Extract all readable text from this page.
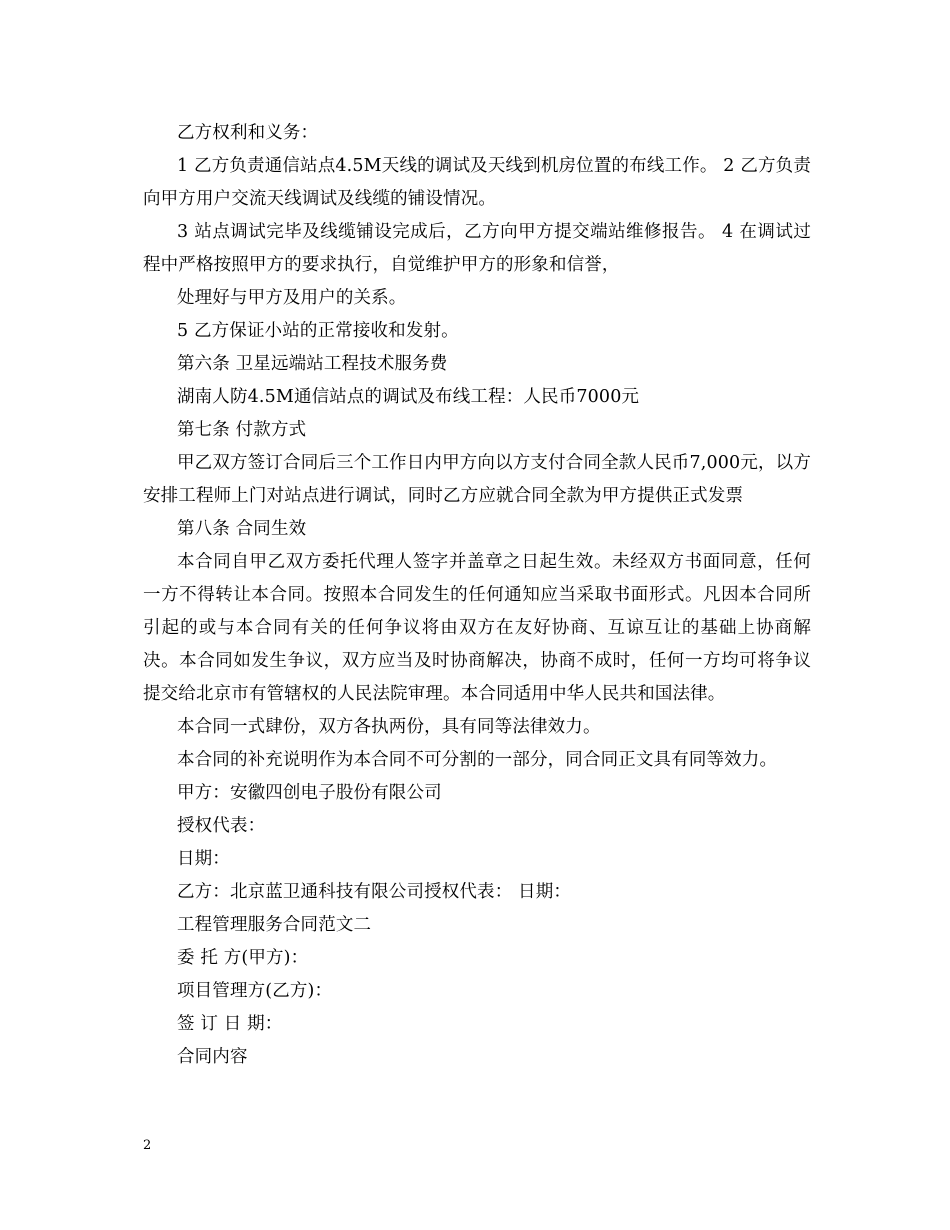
乙方权利和义务：

1 乙方负责通信站点4.5M天线的调试及天线到机房位置的布线工作。 2 乙方负责向甲方用户交流天线调试及线缆的铺设情况。

3 站点调试完毕及线缆铺设完成后，乙方向甲方提交端站维修报告。 4 在调试过程中严格按照甲方的要求执行，自觉维护甲方的形象和信誉，

处理好与甲方及用户的关系。

5 乙方保证小站的正常接收和发射。

第六条 卫星远端站工程技术服务费

湖南人防4.5M通信站点的调试及布线工程：人民币7000元

第七条 付款方式

甲乙双方签订合同后三个工作日内甲方向以方支付合同全款人民币7,000元，以方安排工程师上门对站点进行调试，同时乙方应就合同全款为甲方提供正式发票

第八条 合同生效

本合同自甲乙双方委托代理人签字并盖章之日起生效。未经双方书面同意，任何一方不得转让本合同。按照本合同发生的任何通知应当采取书面形式。凡因本合同所引起的或与本合同有关的任何争议将由双方在友好协商、互谅互让的基础上协商解决。本合同如发生争议，双方应当及时协商解决，协商不成时，任何一方均可将争议提交给北京市有管辖权的人民法院审理。本合同适用中华人民共和国法律。

本合同一式肆份，双方各执两份，具有同等法律效力。

本合同的补充说明作为本合同不可分割的一部分，同合同正文具有同等效力。

甲方：安徽四创电子股份有限公司

授权代表：

日期：

乙方：北京蓝卫通科技有限公司授权代表： 日期：

工程管理服务合同范文二

委 托 方(甲方)：

项目管理方(乙方)：

签 订 日 期：

合同内容

2
